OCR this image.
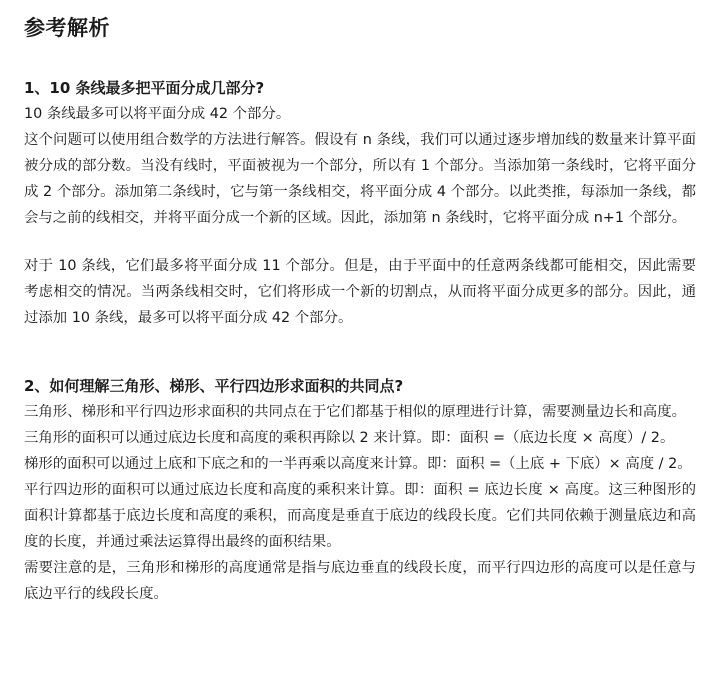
参考解析
1、10 条线最多把平面分成几部分?

10 条线最多可以将平面分成 42 个部分。

这个问题可以使用组合数学的方法进行解答。假设有 n 条线，我们可以通过逐步增加线的数量来计算平面被分成的部分数。当没有线时，平面被视为一个部分，所以有 1 个部分。当添加第一条线时，它将平面分成 2 个部分。添加第二条线时，它与第一条线相交，将平面分成 4 个部分。以此类推，每添加一条线，都会与之前的线相交，并将平面分成一个新的区域。因此，添加第 n 条线时，它将平面分成 n+1 个部分。

对于 10 条线，它们最多将平面分成 11 个部分。但是，由于平面中的任意两条线都可能相交，因此需要考虑相交的情况。当两条线相交时，它们将形成一个新的切割点，从而将平面分成更多的部分。因此，通过添加 10 条线，最多可以将平面分成 42 个部分。

2、如何理解三角形、梯形、平行四边形求面积的共同点?

三角形、梯形和平行四边形求面积的共同点在于它们都基于相似的原理进行计算，需要测量边长和高度。

三角形的面积可以通过底边长度和高度的乘积再除以 2 来计算。即：面积 =（底边长度 × 高度）/ 2。

梯形的面积可以通过上底和下底之和的一半再乘以高度来计算。即：面积 =（上底 + 下底）× 高度 / 2。

平行四边形的面积可以通过底边长度和高度的乘积来计算。即：面积 = 底边长度 × 高度。这三种图形的面积计算都基于底边长度和高度的乘积，而高度是垂直于底边的线段长度。它们共同依赖于测量底边和高度的长度，并通过乘法运算得出最终的面积结果。

需要注意的是，三角形和梯形的高度通常是指与底边垂直的线段长度，而平行四边形的高度可以是任意与底边平行的线段长度。
